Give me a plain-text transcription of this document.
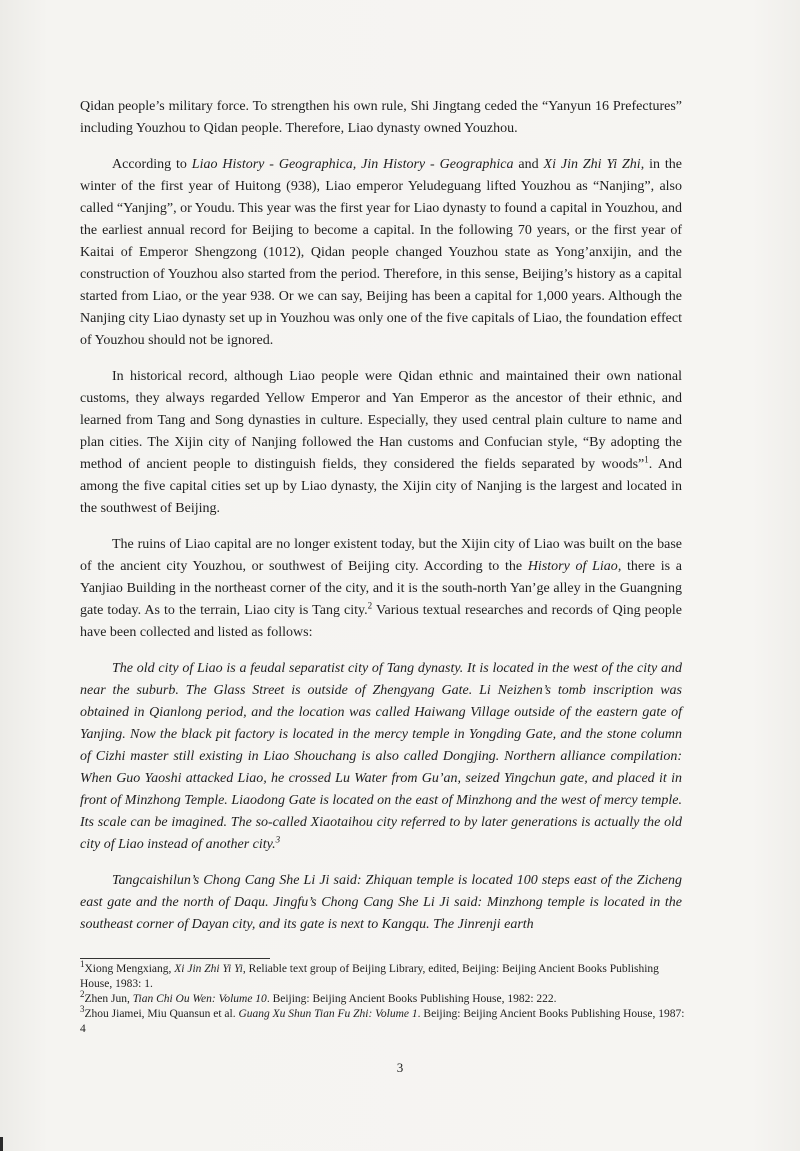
Qidan people’s military force. To strengthen his own rule, Shi Jingtang ceded the “Yanyun 16 Prefectures” including Youzhou to Qidan people. Therefore, Liao dynasty owned Youzhou.

According to Liao History - Geographica, Jin History - Geographica and Xi Jin Zhi Yi Zhi, in the winter of the first year of Huitong (938), Liao emperor Yeludeguang lifted Youzhou as “Nanjing”, also called “Yanjing”, or Youdu. This year was the first year for Liao dynasty to found a capital in Youzhou, and the earliest annual record for Beijing to become a capital. In the following 70 years, or the first year of Kaitai of Emperor Shengzong (1012), Qidan people changed Youzhou state as Yong’anxijin, and the construction of Youzhou also started from the period. Therefore, in this sense, Beijing’s history as a capital started from Liao, or the year 938. Or we can say, Beijing has been a capital for 1,000 years. Although the Nanjing city Liao dynasty set up in Youzhou was only one of the five capitals of Liao, the foundation effect of Youzhou should not be ignored.

In historical record, although Liao people were Qidan ethnic and maintained their own national customs, they always regarded Yellow Emperor and Yan Emperor as the ancestor of their ethnic, and learned from Tang and Song dynasties in culture. Especially, they used central plain culture to name and plan cities. The Xijin city of Nanjing followed the Han customs and Confucian style, “By adopting the method of ancient people to distinguish fields, they considered the fields separated by woods”$^1$. And among the five capital cities set up by Liao dynasty, the Xijin city of Nanjing is the largest and located in the southwest of Beijing.

The ruins of Liao capital are no longer existent today, but the Xijin city of Liao was built on the base of the ancient city Youzhou, or southwest of Beijing city. According to the History of Liao, there is a Yanjiao Building in the northeast corner of the city, and it is the south-north Yan’ge alley in the Guangning gate today. As to the terrain, Liao city is Tang city.$^2$ Various textual researches and records of Qing people have been collected and listed as follows:

The old city of Liao is a feudal separatist city of Tang dynasty. It is located in the west of the city and near the suburb. The Glass Street is outside of Zhengyang Gate. Li Neizhen’s tomb inscription was obtained in Qianlong period, and the location was called Haiwang Village outside of the eastern gate of Yanjing. Now the black pit factory is located in the mercy temple in Yongding Gate, and the stone column of Cizhi master still existing in Liao Shouchang is also called Dongjing. Northern alliance compilation: When Guo Yaoshi attacked Liao, he crossed Lu Water from Gu’an, seized Yingchun gate, and placed it in front of Minzhong Temple. Liaodong Gate is located on the east of Minzhong and the west of mercy temple. Its scale can be imagined. The so-called Xiaotaihou city referred to by later generations is actually the old city of Liao instead of another city.$^3$

Tangcaishilun’s Chong Cang She Li Ji said: Zhiquan temple is located 100 steps east of the Zicheng east gate and the north of Daqu. Jingfu’s Chong Cang She Li Ji said: Minzhong temple is located in the southeast corner of Dayan city, and its gate is next to Kangqu. The Jinrenji earth

$^1$Xiong Mengxiang, Xi Jin Zhi Yi Yi, Reliable text group of Beijing Library, edited, Beijing: Beijing Ancient Books Publishing House, 1983: 1.
$^2$Zhen Jun, Tian Chi Ou Wen: Volume 10. Beijing: Beijing Ancient Books Publishing House, 1982: 222.
$^3$Zhou Jiamei, Miu Quansun et al. Guang Xu Shun Tian Fu Zhi: Volume 1. Beijing: Beijing Ancient Books Publishing House, 1987: 4
3
